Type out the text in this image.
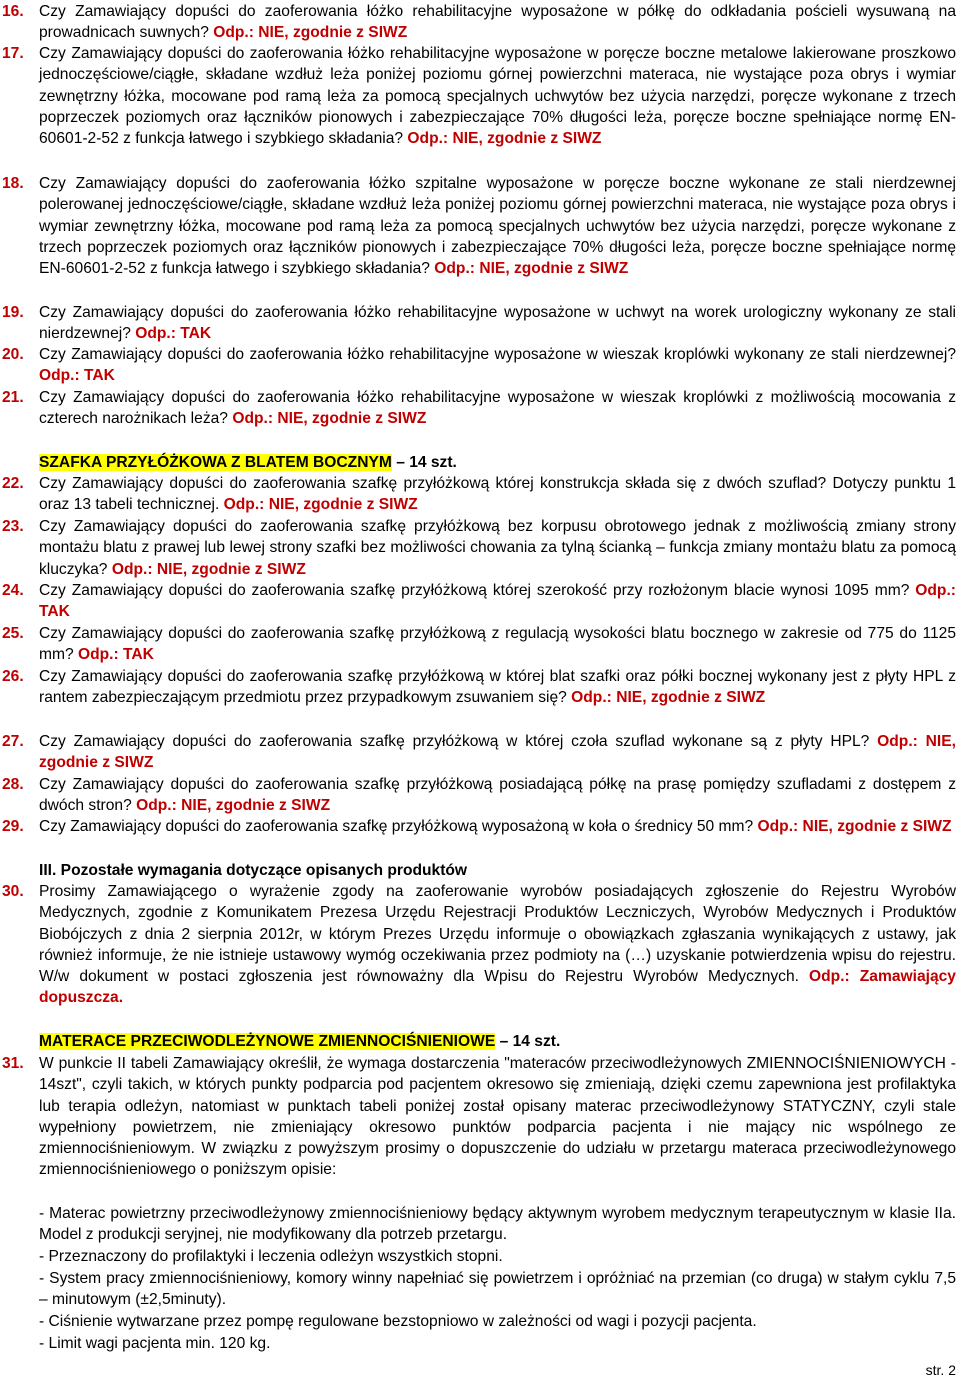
16. Czy Zamawiający dopuści do zaoferowania łóżko rehabilitacyjne wyposażone w półkę do odkładania pościeli wysuwaną na prowadnicach suwnych? Odp.: NIE, zgodnie z SIWZ
17. Czy Zamawiający dopuści do zaoferowania łóżko rehabilitacyjne wyposażone w poręcze boczne metalowe lakierowane proszkowo jednoczęściowe/ciągłe, składane wzdłuż leża poniżej poziomu górnej powierzchni materaca, nie wystające poza obrys i wymiar zewnętrzny łóżka, mocowane pod ramą leża za pomocą specjalnych uchwytów bez użycia narzędzi, poręcze wykonane z trzech poprzeczek poziomych oraz łączników pionowych i zabezpieczające 70% długości leża, poręcze boczne spełniające normę EN-60601-2-52 z funkcja łatwego i szybkiego składania? Odp.: NIE, zgodnie z SIWZ
18. Czy Zamawiający dopuści do zaoferowania łóżko szpitalne wyposażone w poręcze boczne wykonane ze stali nierdzewnej polerowanej jednoczęściowe/ciągłe, składane wzdłuż leża poniżej poziomu górnej powierzchni materaca, nie wystające poza obrys i wymiar zewnętrzny łóżka, mocowane pod ramą leża za pomocą specjalnych uchwytów bez użycia narzędzi, poręcze wykonane z trzech poprzeczek poziomych oraz łączników pionowych i zabezpieczające 70% długości leża, poręcze boczne spełniające normę EN-60601-2-52 z funkcja łatwego i szybkiego składania? Odp.: NIE, zgodnie z SIWZ
19. Czy Zamawiający dopuści do zaoferowania łóżko rehabilitacyjne wyposażone w uchwyt na worek urologiczny wykonany ze stali nierdzewnej? Odp.: TAK
20. Czy Zamawiający dopuści do zaoferowania łóżko rehabilitacyjne wyposażone w wieszak kroplówki wykonany ze stali nierdzewnej? Odp.: TAK
21. Czy Zamawiający dopuści do zaoferowania łóżko rehabilitacyjne wyposażone w wieszak kroplówki z możliwością mocowania z czterech narożnikach leża? Odp.: NIE, zgodnie z SIWZ
SZAFKA PRZYŁÓŻKOWA Z BLATEM BOCZNYM – 14 szt.
22. Czy Zamawiający dopuści do zaoferowania szafkę przyłóżkową której konstrukcja składa się z dwóch szuflad? Dotyczy punktu 1 oraz 13 tabeli technicznej. Odp.: NIE, zgodnie z SIWZ
23. Czy Zamawiający dopuści do zaoferowania szafkę przyłóżkową bez korpusu obrotowego jednak z możliwością zmiany strony montażu blatu z prawej lub lewej strony szafki bez możliwości chowania za tylną ścianką – funkcja zmiany montażu blatu za pomocą kluczyka? Odp.: NIE, zgodnie z SIWZ
24. Czy Zamawiający dopuści do zaoferowania szafkę przyłóżkową której szerokość przy rozłożonym blacie wynosi 1095 mm? Odp.: TAK
25. Czy Zamawiający dopuści do zaoferowania szafkę przyłóżkową z regulacją wysokości blatu bocznego w zakresie od 775 do 1125 mm? Odp.: TAK
26. Czy Zamawiający dopuści do zaoferowania szafkę przyłóżkową w której blat szafki oraz półki bocznej wykonany jest z płyty HPL z rantem zabezpieczającym przedmiotu przez przypadkowym zsuwaniem się? Odp.: NIE, zgodnie z SIWZ
27. Czy Zamawiający dopuści do zaoferowania szafkę przyłóżkową w której czoła szuflad wykonane są z płyty HPL? Odp.: NIE, zgodnie z SIWZ
28. Czy Zamawiający dopuści do zaoferowania szafkę przyłóżkową posiadającą półkę na prasę pomiędzy szufladami z dostępem z dwóch stron? Odp.: NIE, zgodnie z SIWZ
29. Czy Zamawiający dopuści do zaoferowania szafkę przyłóżkową wyposażoną w koła o średnicy 50 mm? Odp.: NIE, zgodnie z SIWZ
III. Pozostałe wymagania dotyczące opisanych produktów
30. Prosimy Zamawiającego o wyrażenie zgody na zaoferowanie wyrobów posiadających zgłoszenie do Rejestru Wyrobów Medycznych, zgodnie z Komunikatem Prezesa Urzędu Rejestracji Produktów Leczniczych, Wyrobów Medycznych i Produktów Biobójczych z dnia 2 sierpnia 2012r, w którym Prezes Urzędu informuje o obowiązkach zgłaszania wynikających z ustawy, jak również informuje, że nie istnieje ustawowy wymóg oczekiwania przez podmioty na (…) uzyskanie potwierdzenia wpisu do rejestru. W/w dokument w postaci zgłoszenia jest równoważny dla Wpisu do Rejestru Wyrobów Medycznych. Odp.: Zamawiający dopuszcza.
MATERACE PRZECIWODLEŻYNOWE ZMIENNOCIŚNIENIOWE – 14 szt.
31. W punkcie II tabeli Zamawiający określił, że wymaga dostarczenia "materaców przeciwodleżynowych ZMIENNOCIŚNIENIOWYCH - 14szt", czyli takich, w których punkty podparcia pod pacjentem okresowo się zmieniają, dzięki czemu zapewniona jest profilaktyka lub terapia odleżyn, natomiast w punktach tabeli poniżej został opisany materac przeciwodleżynowy STATYCZNY, czyli stale wypełniony powietrzem, nie zmieniający okresowo punktów podparcia pacjenta i nie mający nic wspólnego ze zmiennociśnieniowym. W związku z powyższym prosimy o dopuszczenie do udziału w przetargu materaca przeciwodleżynowego zmiennociśnieniowego o poniższym opisie:
- Materac powietrzny przeciwodleżynowy zmiennociśnieniowy będący aktywnym wyrobem medycznym terapeutycznym w klasie IIa. Model z produkcji seryjnej, nie modyfikowany dla potrzeb przetargu.
- Przeznaczony do profilaktyki i leczenia odleżyn wszystkich stopni.
- System pracy zmiennociśnieniowy, komory winny napełniać się powietrzem i opróżniać na przemian (co druga) w stałym cyklu 7,5 – minutowym (±2,5minuty).
- Ciśnienie wytwarzane przez pompę regulowane bezstopniowo w zależności od wagi i pozycji pacjenta.
- Limit wagi pacjenta min. 120 kg.
str. 2
